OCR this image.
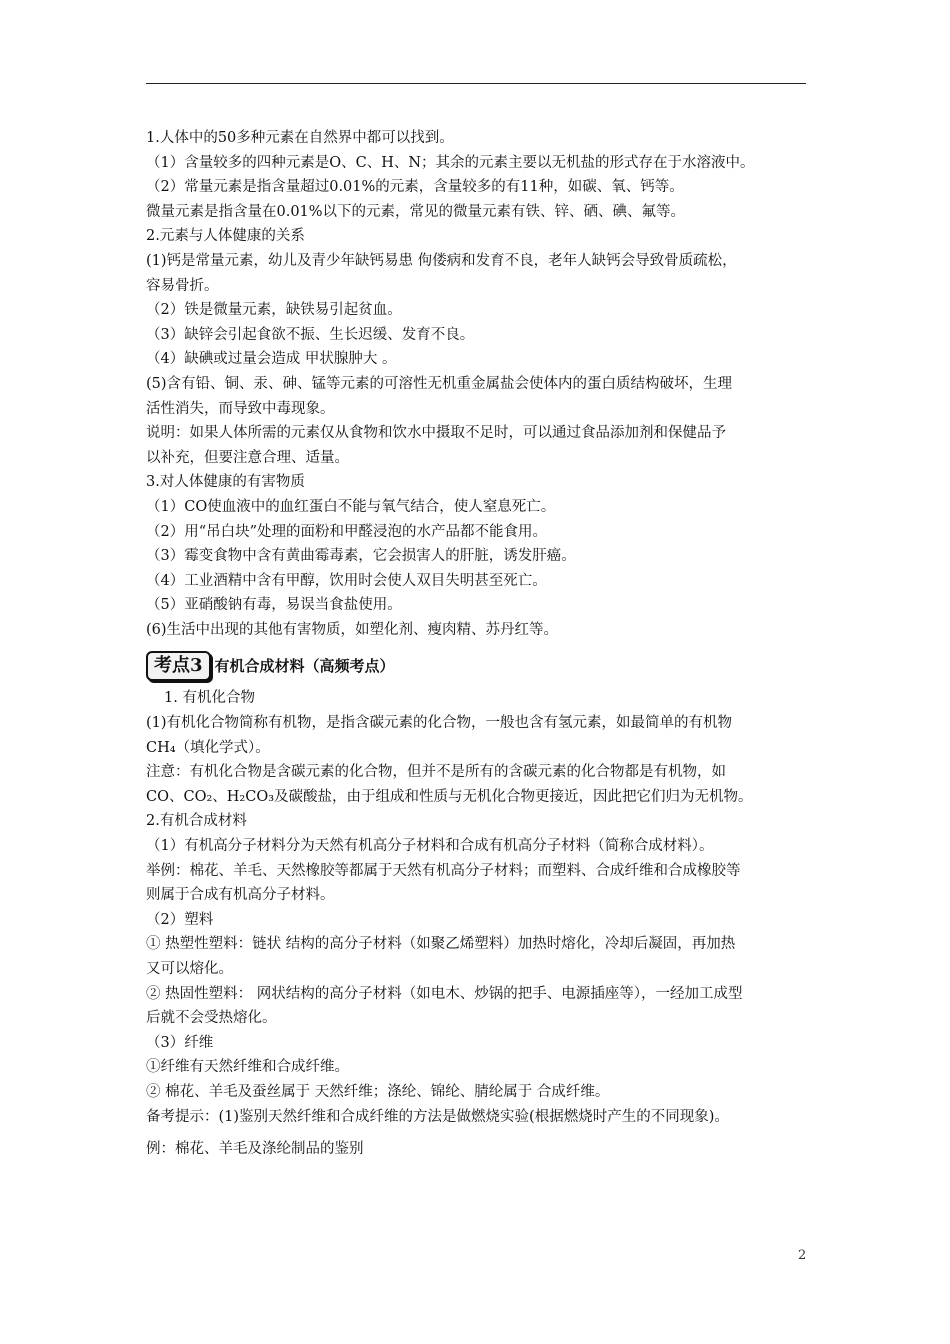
1.人体中的50多种元素在自然界中都可以找到。
（1）含量较多的四种元素是O、C、H、N；其余的元素主要以无机盐的形式存在于水溶液中。
（2）常量元素是指含量超过0.01%的元素，含量较多的有11种，如碳、氧、钙等。
微量元素是指含量在0.01%以下的元素，常见的微量元素有铁、锌、硒、碘、氟等。
2.元素与人体健康的关系
(1)钙是常量元素，幼儿及青少年缺钙易患 佝偻病和发育不良，老年人缺钙会导致骨质疏松，
容易骨折。
（2）铁是微量元素，缺铁易引起贫血。
（3）缺锌会引起食欲不振、生长迟缓、发育不良。
（4）缺碘或过量会造成 甲状腺肿大 。
(5)含有铅、铜、汞、砷、锰等元素的可溶性无机重金属盐会使体内的蛋白质结构破坏，生理
活性消失，而导致中毒现象。
说明：如果人体所需的元素仅从食物和饮水中摄取不足时，可以通过食品添加剂和保健品予
以补充，但要注意合理、适量。
3.对人体健康的有害物质
（1）CO使血液中的血红蛋白不能与氧气结合，使人窒息死亡。
（2）用“吊白块”处理的面粉和甲醛浸泡的水产品都不能食用。
（3）霉变食物中含有黄曲霉毒素，它会损害人的肝脏，诱发肝癌。
（4）工业酒精中含有甲醇，饮用时会使人双目失明甚至死亡。
（5）亚硝酸钠有毒，易误当食盐使用。
(6)生活中出现的其他有害物质，如塑化剂、瘦肉精、苏丹红等。
考点3 有机合成材料（高频考点）
1. 有机化合物
(1)有机化合物简称有机物，是指含碳元素的化合物，一般也含有氢元素，如最简单的有机物
CH₄（填化学式）。
注意：有机化合物是含碳元素的化合物，但并不是所有的含碳元素的化合物都是有机物，如
CO、CO₂、H₂CO₃及碳酸盐，由于组成和性质与无机化合物更接近，因此把它们归为无机物。
2.有机合成材料
（1）有机高分子材料分为天然有机高分子材料和合成有机高分子材料（简称合成材料）。
举例：棉花、羊毛、天然橡胶等都属于天然有机高分子材料；而塑料、合成纤维和合成橡胶等
则属于合成有机高分子材料。
（2）塑料
① 热塑性塑料：链状 结构的高分子材料（如聚乙烯塑料）加热时熔化，冷却后凝固，再加热
又可以熔化。
② 热固性塑料： 网状结构的高分子材料（如电木、炒锅的把手、电源插座等），一经加工成型
后就不会受热熔化。
（3）纤维
①纤维有天然纤维和合成纤维。
② 棉花、羊毛及蚕丝属于 天然纤维；涤纶、锦纶、腈纶属于 合成纤维。
备考提示：(1)鉴别天然纤维和合成纤维的方法是做燃烧实验(根据燃烧时产生的不同现象)。
例：棉花、羊毛及涤纶制品的鉴别
2
